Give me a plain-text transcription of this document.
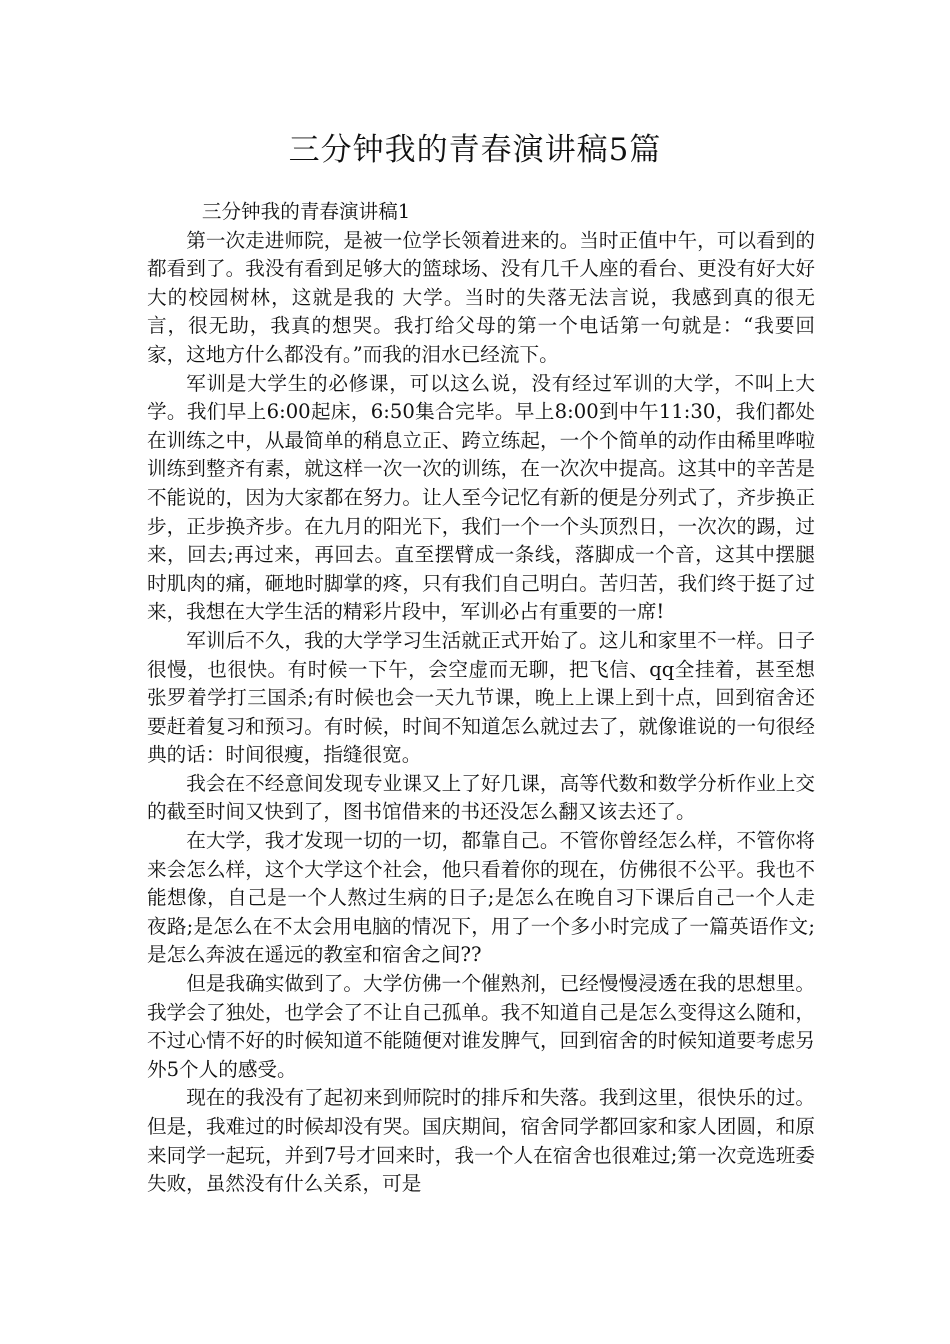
三分钟我的青春演讲稿5篇

三分钟我的青春演讲稿1

第一次走进师院，是被一位学长领着进来的。当时正值中午，可以看到的都看到了。我没有看到足够大的篮球场、没有几千人座的看台、更没有好大好大的校园树林，这就是我的 大学。当时的失落无法言说，我感到真的很无言，很无助，我真的想哭。我打给父母的第一个电话第一句就是：“我要回家，这地方什么都没有。”而我的泪水已经流下。

军训是大学生的必修课，可以这么说，没有经过军训的大学，不叫上大学。我们早上6:00起床，6:50集合完毕。早上8:00到中午11:30，我们都处在训练之中，从最简单的稍息立正、跨立练起，一个个简单的动作由稀里哗啦训练到整齐有素，就这样一次一次的训练，在一次次中提高。这其中的辛苦是不能说的，因为大家都在努力。让人至今记忆有新的便是分列式了，齐步换正步，正步换齐步。在九月的阳光下，我们一个一个头顶烈日，一次次的踢，过来，回去;再过来，再回去。直至摆臂成一条线，落脚成一个音，这其中摆腿时肌肉的痛，砸地时脚掌的疼，只有我们自己明白。苦归苦，我们终于挺了过来，我想在大学生活的精彩片段中，军训必占有重要的一席!

军训后不久，我的大学学习生活就正式开始了。这儿和家里不一样。日子很慢，也很快。有时候一下午，会空虚而无聊，把飞信、qq全挂着，甚至想张罗着学打三国杀;有时候也会一天九节课，晚上上课上到十点，回到宿舍还要赶着复习和预习。有时候，时间不知道怎么就过去了，就像谁说的一句很经典的话：时间很瘦，指缝很宽。

我会在不经意间发现专业课又上了好几课，高等代数和数学分析作业上交的截至时间又快到了，图书馆借来的书还没怎么翻又该去还了。

在大学，我才发现一切的一切，都靠自己。不管你曾经怎么样，不管你将来会怎么样，这个大学这个社会，他只看着你的现在，仿佛很不公平。我也不能想像，自己是一个人熬过生病的日子;是怎么在晚自习下课后自己一个人走夜路;是怎么在不太会用电脑的情况下，用了一个多小时完成了一篇英语作文;是怎么奔波在遥远的教室和宿舍之间??

但是我确实做到了。大学仿佛一个催熟剂，已经慢慢浸透在我的思想里。我学会了独处，也学会了不让自己孤单。我不知道自己是怎么变得这么随和，不过心情不好的时候知道不能随便对谁发脾气，回到宿舍的时候知道要考虑另外5个人的感受。

现在的我没有了起初来到师院时的排斥和失落。我到这里，很快乐的过。但是，我难过的时候却没有哭。国庆期间，宿舍同学都回家和家人团圆，和原来同学一起玩，并到7号才回来时，我一个人在宿舍也很难过;第一次竞选班委失败，虽然没有什么关系，可是
